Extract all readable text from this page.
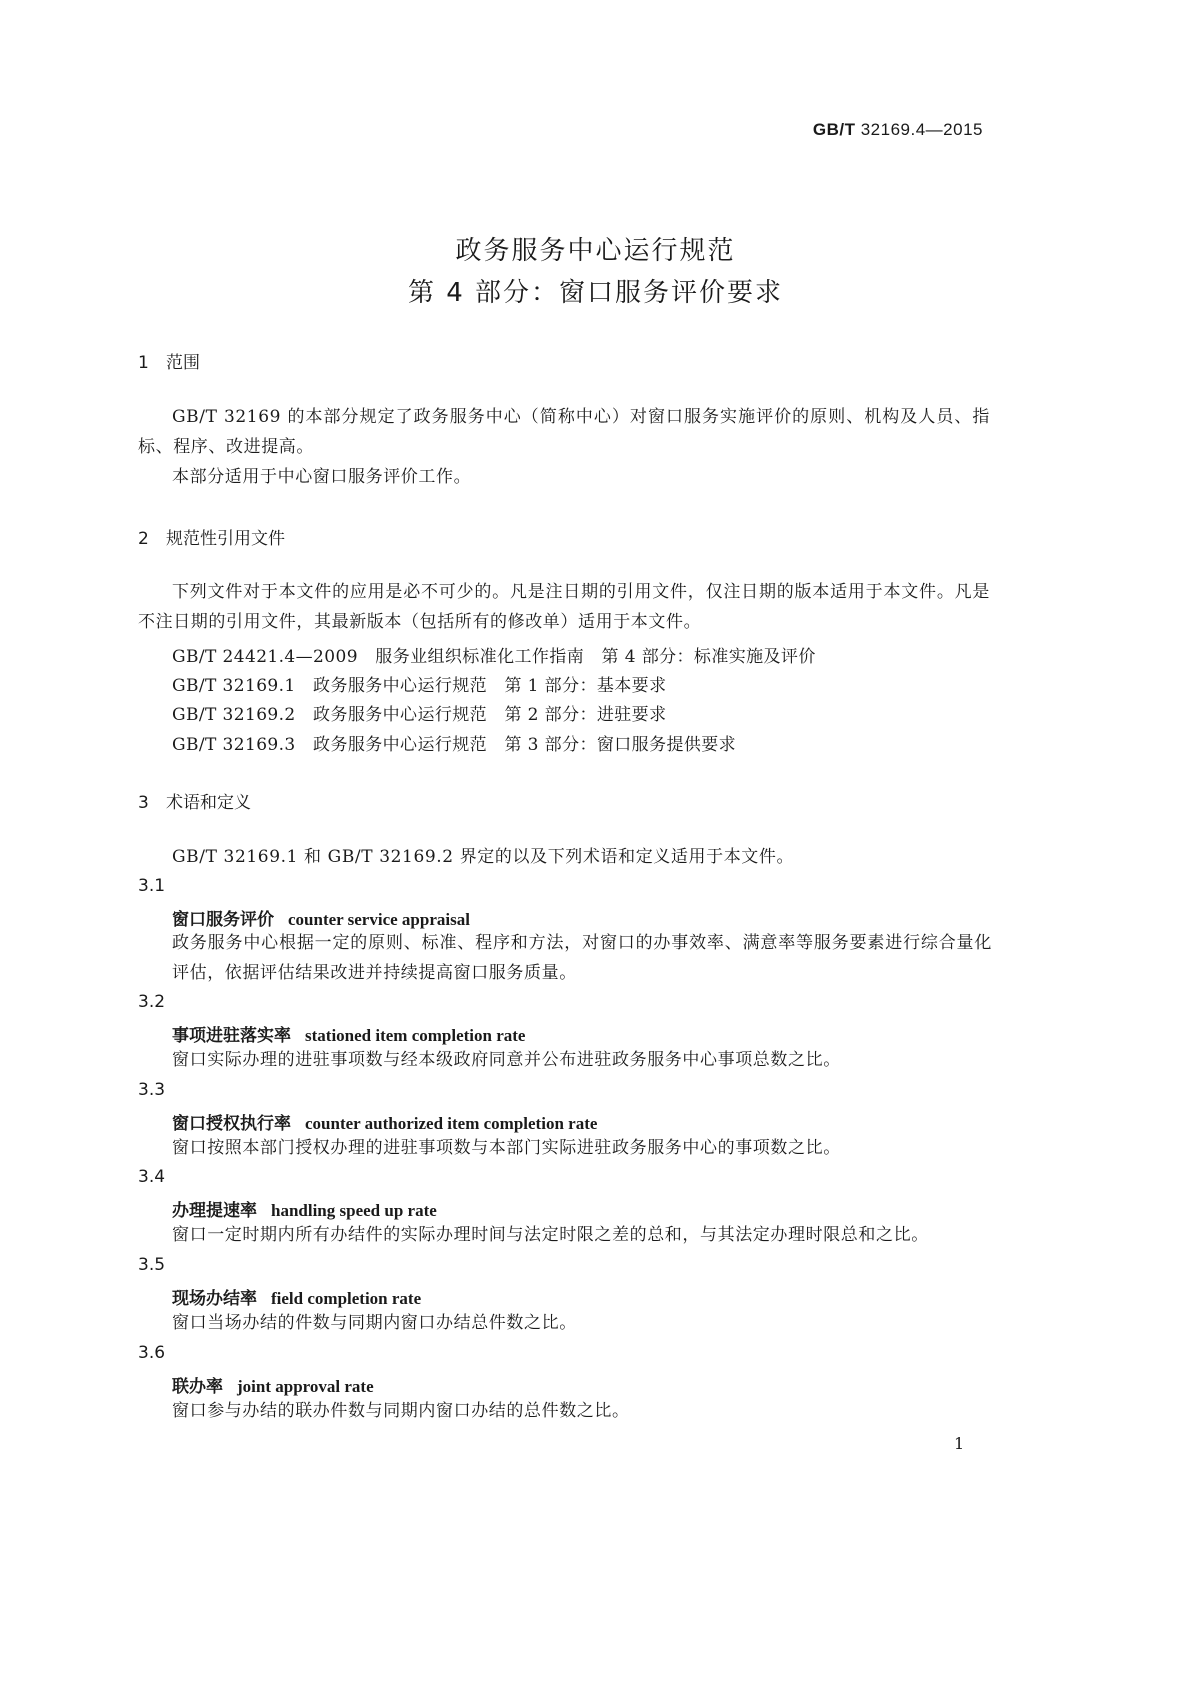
GB/T 32169.4—2015
政务服务中心运行规范
第 4 部分：窗口服务评价要求
1 范围
GB/T 32169 的本部分规定了政务服务中心（简称中心）对窗口服务实施评价的原则、机构及人员、指标、程序、改进提高。
本部分适用于中心窗口服务评价工作。
2 规范性引用文件
下列文件对于本文件的应用是必不可少的。凡是注日期的引用文件，仅注日期的版本适用于本文件。凡是不注日期的引用文件，其最新版本（包括所有的修改单）适用于本文件。
GB/T 24421.4—2009　服务业组织标准化工作指南　第 4 部分：标准实施及评价
GB/T 32169.1　政务服务中心运行规范　第 1 部分：基本要求
GB/T 32169.2　政务服务中心运行规范　第 2 部分：进驻要求
GB/T 32169.3　政务服务中心运行规范　第 3 部分：窗口服务提供要求
3 术语和定义
GB/T 32169.1 和 GB/T 32169.2 界定的以及下列术语和定义适用于本文件。
3.1
窗口服务评价 counter service appraisal
政务服务中心根据一定的原则、标准、程序和方法，对窗口的办事效率、满意率等服务要素进行综合量化评估，依据评估结果改进并持续提高窗口服务质量。
3.2
事项进驻落实率 stationed item completion rate
窗口实际办理的进驻事项数与经本级政府同意并公布进驻政务服务中心事项总数之比。
3.3
窗口授权执行率 counter authorized item completion rate
窗口按照本部门授权办理的进驻事项数与本部门实际进驻政务服务中心的事项数之比。
3.4
办理提速率 handling speed up rate
窗口一定时期内所有办结件的实际办理时间与法定时限之差的总和，与其法定办理时限总和之比。
3.5
现场办结率 field completion rate
窗口当场办结的件数与同期内窗口办结总件数之比。
3.6
联办率 joint approval rate
窗口参与办结的联办件数与同期内窗口办结的总件数之比。
1
